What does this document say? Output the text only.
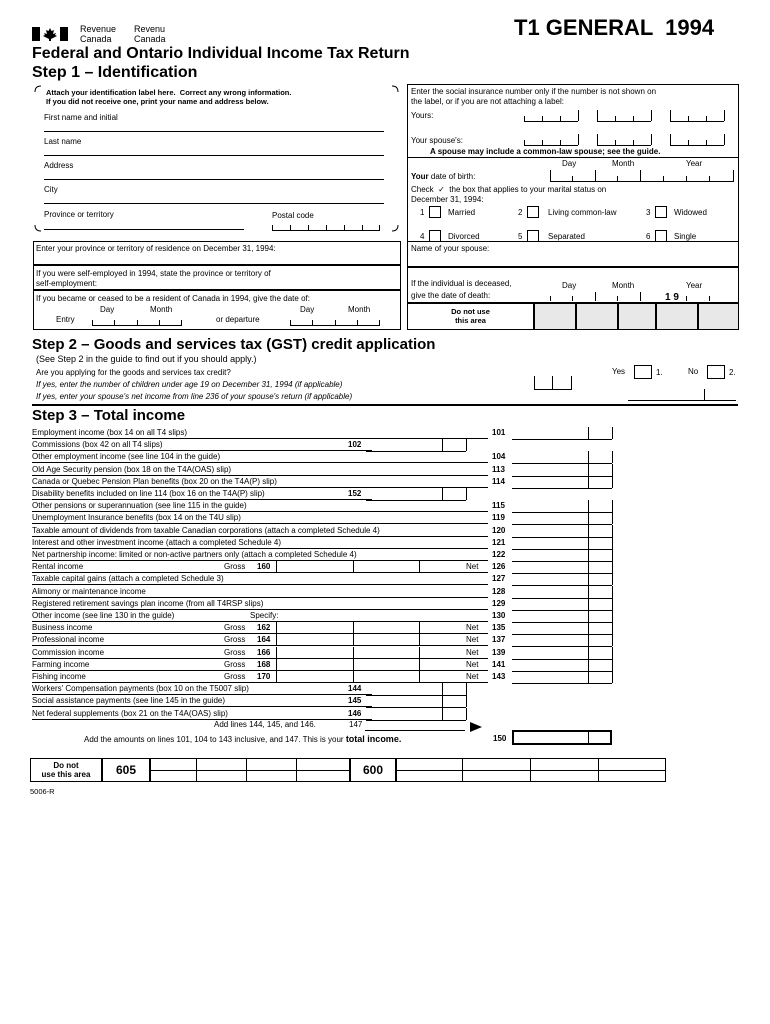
Revenue
Canada
Revenu
Canada	T1 GENERAL  1994
Federal and Ontario Individual Income Tax Return
Step 1 – Identification
Attach your identification label here.  Correct any wrong information.
If you did not receive one, print your name and address below.
First name and initial
Last name
Address
City
Province or territory	Postal code
Enter your province or territory of residence on December 31, 1994:
If you were self-employed in 1994, state the province or territory of
self-employment:
If you became or ceased to be a resident of Canada in 1994, give the date of:
Day	Month
Entry
Day	Month
or departure
Enter the social insurance number only if the number is not shown on
the label, or if you are not attaching a label:
Yours:
Your spouse's:
A spouse may include a common-law spouse; see the guide.
Day	Month	Year
Your date of birth:
Check  ✓  the box that applies to your marital status on
December 31, 1994:
1	Married	2	Living common-law	3	Widowed
4	Divorced	5	Separated	6	Single
Name of your spouse:
If the individual is deceased,
give the date of death:
Day	Month	Year
1 9
Do not use
this area
Step 2 – Goods and services tax (GST) credit application
(See Step 2 in the guide to find out if you should apply.)
Are you applying for the goods and services tax credit?	Yes	1.	No	2.
If yes, enter the number of children under age 19 on December 31, 1994 (if applicable)
If yes, enter your spouse's net income from line 236 of your spouse's return (if applicable)
Step 3 – Total income
Employment income (box 14 on all T4 slips)	101
Commissions (box 42 on all T4 slips)	102
Other employment income (see line 104 in the guide)	104
Old Age Security pension (box 18 on the T4A(OAS) slip)	113
Canada or Quebec Pension Plan benefits (box 20 on the T4A(P) slip)	114
Disability benefits included on line 114 (box 16 on the T4A(P) slip)	152
Other pensions or superannuation (see line 115 in the guide)	115
Unemployment Insurance benefits (box 14 on the T4U slip)	119
Taxable amount of dividends from taxable Canadian corporations (attach a completed Schedule 4)	120
Interest and other investment income (attach a completed Schedule 4)	121
Net partnership income: limited or non-active partners only (attach a completed Schedule 4)	122
Rental income	Gross 160	Net 126
Taxable capital gains (attach a completed Schedule 3)	127
Alimony or maintenance income	128
Registered retirement savings plan income (from all T4RSP slips)	129
Other income (see line 130 in the guide)	Specify:	130
Business income	Gross 162	Net 135
Professional income	Gross 164	Net 137
Commission income	Gross 166	Net 139
Farming income	Gross 168	Net 141
Fishing income	Gross 170	Net 143
Workers' Compensation payments (box 10 on the T5007 slip)	144
Social assistance payments (see line 145 in the guide)	145
Net federal supplements (box 21 on the T4A(OAS) slip)	146
Add lines 144, 145, and 146.	147
Add the amounts on lines 101, 104 to 143 inclusive, and 147. This is your total income.	150
Do not
use this area	605	600
5006-R
